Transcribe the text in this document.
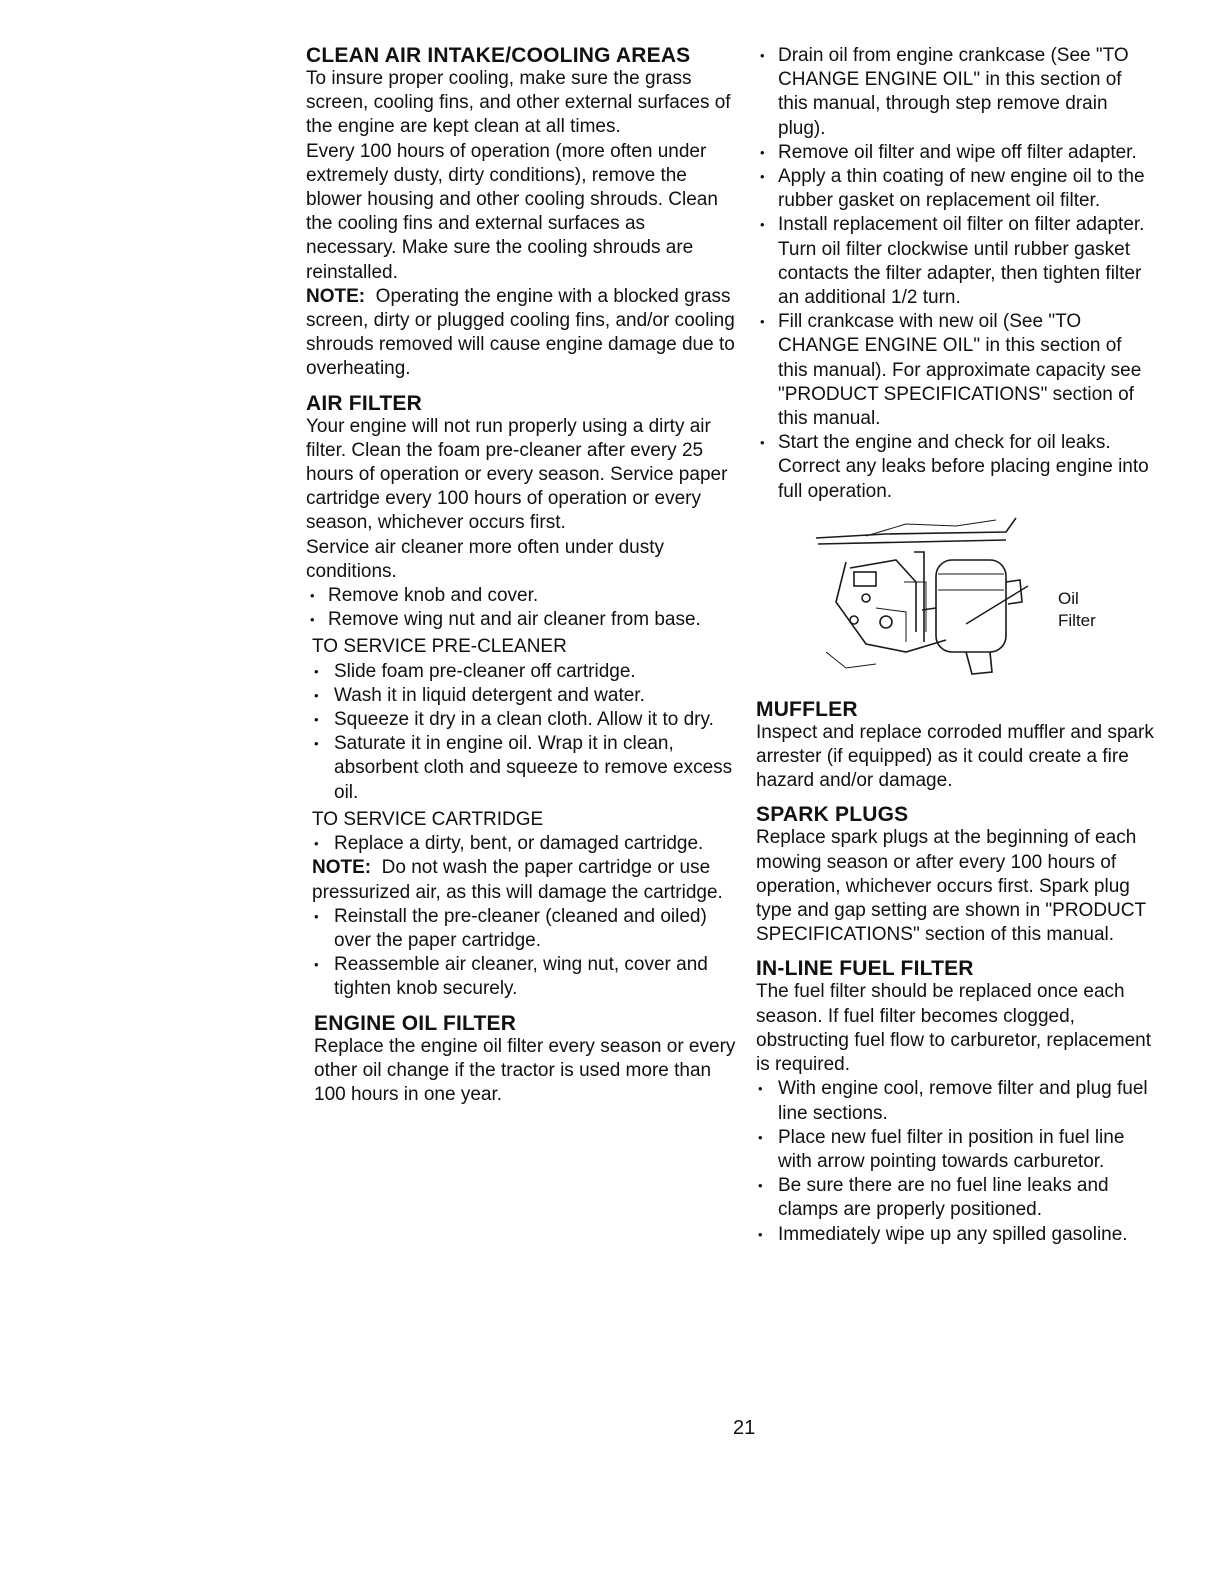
CLEAN AIR INTAKE/COOLING AREAS

To insure proper cooling, make sure the grass screen, cooling fins, and other external surfaces of the engine are kept clean at all times.

Every 100 hours of operation (more often under extremely dusty, dirty conditions), remove the blower housing and other cooling shrouds. Clean the cooling fins and external surfaces as necessary. Make sure the cooling shrouds are reinstalled.

NOTE: Operating the engine with a blocked grass screen, dirty or plugged cooling fins, and/or cooling shrouds removed will cause engine damage due to overheating.

AIR FILTER

Your engine will not run properly using a dirty air filter. Clean the foam pre-cleaner after every 25 hours of operation or every season. Service paper cartridge every 100 hours of operation or every season, whichever occurs first.

Service air cleaner more often under dusty conditions.

• Remove knob and cover.
• Remove wing nut and air cleaner from base.
TO SERVICE PRE-CLEANER
• Slide foam pre-cleaner off cartridge.
• Wash it in liquid detergent and water.
• Squeeze it dry in a clean cloth. Allow it to dry.
• Saturate it in engine oil. Wrap it in clean, absorbent cloth and squeeze to remove excess oil.
TO SERVICE CARTRIDGE
• Replace a dirty, bent, or damaged cartridge.

NOTE: Do not wash the paper cartridge or use pressurized air, as this will damage the cartridge.

• Reinstall the pre-cleaner (cleaned and oiled) over the paper cartridge.
• Reassemble air cleaner, wing nut, cover and tighten knob securely.
ENGINE OIL FILTER

Replace the engine oil filter every season or every other oil change if the tractor is used more than 100 hours in one year.

• Drain oil from engine crankcase (See "TO CHANGE ENGINE OIL" in this section of this manual, through step remove drain plug).
• Remove oil filter and wipe off filter adapter.
• Apply a thin coating of new engine oil to the rubber gasket on replacement oil filter.
• Install replacement oil filter on filter adapter. Turn oil filter clockwise until rubber gasket contacts the filter adapter, then tighten filter an additional 1/2 turn.
• Fill crankcase with new oil (See "TO CHANGE ENGINE OIL" in this section of this manual). For approximate capacity see "PRODUCT SPECIFICATIONS" section of this manual.
• Start the engine and check for oil leaks. Correct any leaks before placing engine into full operation.
Oil
Filter
MUFFLER

Inspect and replace corroded muffler and spark arrester (if equipped) as it could create a fire hazard and/or damage.

SPARK PLUGS

Replace spark plugs at the beginning of each mowing season or after every 100 hours of operation, whichever occurs first. Spark plug type and gap setting are shown in "PRODUCT SPECIFICATIONS" section of this manual.

IN-LINE FUEL FILTER

The fuel filter should be replaced once each season. If fuel filter becomes clogged, obstructing fuel flow to carburetor, replacement is required.

• With engine cool, remove filter and plug fuel line sections.
• Place new fuel filter in position in fuel line with arrow pointing towards carburetor.
• Be sure there are no fuel line leaks and clamps are properly positioned.
• Immediately wipe up any spilled gasoline.
21
